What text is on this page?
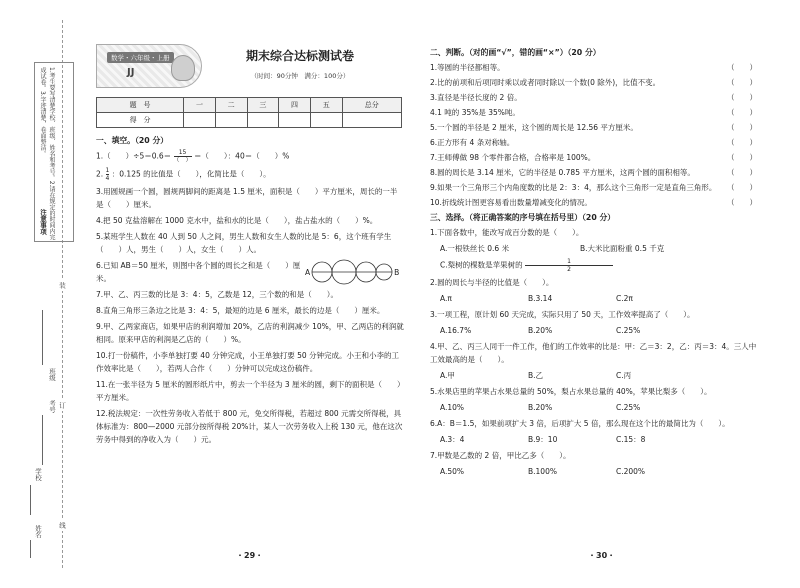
1.考生要写清楚学校、班级、姓名和考号。2.请在规定的时间内完成试卷。3.字迹清楚，卷面整洁。
注意事项
装
订
线
班级
考号
学校
姓名
数学・六年级・上册
JJ
期末综合达标测试卷
（时间：90分钟　满分：100分）
题　号	一	二	三	四	五	总分
得　分						
一、填空。（20 分）
1.（　　）$\div 5=0.6= \frac{15}{( )}$ ＝（　　）：40＝（　　）%
2. $\frac{1}{4}$ ：0.125 的比值是（　　），化简比是（　　）。
3.用圆规画一个圆，圆规两脚间的距离是 1.5 厘米，面积是（　　）平方厘米，周长的一半是（　　）厘米。
4.把 50 克盐溶解在 1000 克水中，盐和水的比是（　　），盐占盐水的（　　）%。
5.某班学生人数在 40 人到 50 人之间，男生人数和女生人数的比是 5：6，这个班有学生（　　）人，男生（　　）人，女生（　　）人。
6.已知 AB＝50 厘米，则图中各个圆的周长之和是（　　）厘米。
A	B
7.甲、乙、丙三数的比是 3：4：5，乙数是 12，三个数的和是（　　）。
8.直角三角形三条边之比是 3：4：5，最短的边是 6 厘米，最长的边是（　　）厘米。
9.甲、乙两家商店，如果甲店的利润增加 20%，乙店的利润减少 10%，甲、乙两店的利润就相同。原来甲店的利润是乙店的（　　）%。
10.打一份稿件，小李单独打要 40 分钟完成，小王单独打要 50 分钟完成。小王和小李的工作效率比是（　　），若两人合作（　　）分钟可以完成这份稿件。
11.在一张半径为 5 厘米的圆形纸片中，剪去一个半径为 3 厘米的圆，剩下的面积是（　　）平方厘米。
12.税法规定：一次性劳务收入若低于 800 元，免交所得税，若超过 800 元需交所得税，具体标准为：800—2000 元部分按所得税 20%计，某人一次劳务收入上税 130 元，他在这次劳务中得到的净收入为（　　）元。
・29・
二、判断。（对的画“√”，错的画“×”）（20 分）
1.等圆的半径都相等。	（　　）
2.比的前项和后项同时乘以或者同时除以一个数(0 除外)，比值不变。	（　　）
3.直径是半径长度的 2 倍。	（　　）
4.1 吨的 35%是 35%吨。	（　　）
5.一个圆的半径是 2 厘米，这个圆的周长是 12.56 平方厘米。	（　　）
6.正方形有 4 条对称轴。	（　　）
7.王师傅做 98 个零件都合格，合格率是 100%。	（　　）
8.圆的周长是 3.14 厘米，它的半径是 0.785 平方厘米，这两个圆的面积相等。	（　　）
9.如果一个三角形三个内角度数的比是 2：3：4，那么这个三角形一定是直角三角形。	（　　）
10.折线统计图更容易看出数量增减变化的情况。	（　　）
三、选择。（将正确答案的序号填在括号里）（20 分）
1.下面各数中，能改写成百分数的是（　　）。
A.一根铁丝长 0.6 米	B.大米比面粉重 0.5 千克
C.梨树的棵数是苹果树的 $\frac{1}{2}$
2.圆的周长与半径的比值是（　　）。
A.π	B.3.14	C.2π
3.一项工程，原计划 60 天完成，实际只用了 50 天，工作效率提高了（　　）。
A.16.7%	B.20%	C.25%
4.甲、乙、丙三人同干一件工作，他们的工作效率的比是：甲：乙＝3：2，乙：丙＝3：4。三人中工效最高的是（　　）。
A.甲	B.乙	C.丙
5.水果店里的苹果占水果总量的 50%，梨占水果总量的 40%，苹果比梨多（　　）。
A.10%	B.20%	C.25%
6.A：B＝1.5，如果前项扩大 3 倍，后项扩大 5 倍，那么现在这个比的最简比为（　　）。
A.3：4	B.9：10	C.15：8
7.甲数是乙数的 2 倍，甲比乙多（　　）。
A.50%	B.100%	C.200%
・30・
